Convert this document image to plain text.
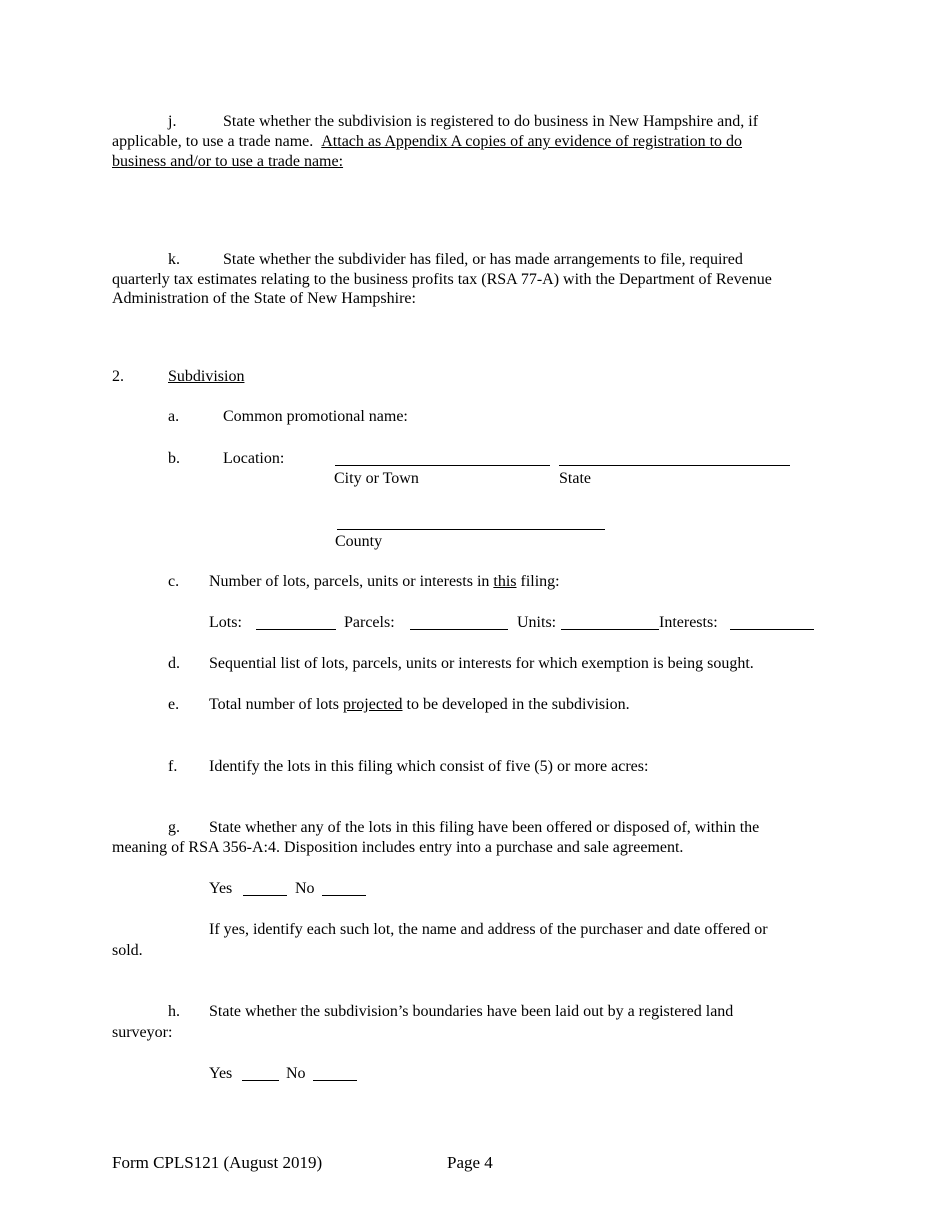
j.	State whether the subdivision is registered to do business in New Hampshire and, if
applicable, to use a trade name. Attach as Appendix A copies of any evidence of registration to do
business and/or to use a trade name:
k.	State whether the subdivider has filed, or has made arrangements to file, required
quarterly tax estimates relating to the business profits tax (RSA 77-A) with the Department of Revenue
Administration of the State of New Hampshire:
2.	Subdivision
a.	Common promotional name:
b.	Location:
City or Town	State
County
c. Number of lots, parcels, units or interests in this filing:
Lots:	Parcels:	Units:	Interests:
d. Sequential list of lots, parcels, units or interests for which exemption is being sought.
e. Total number of lots projected to be developed in the subdivision.
f. Identify the lots in this filing which consist of five (5) or more acres:
g. State whether any of the lots in this filing have been offered or disposed of, within the
meaning of RSA 356-A:4. Disposition includes entry into a purchase and sale agreement.
Yes	No
If yes, identify each such lot, the name and address of the purchaser and date offered or
sold.
h. State whether the subdivision’s boundaries have been laid out by a registered land
surveyor:
Yes	No
Form CPLS121 (August 2019)	Page 4
